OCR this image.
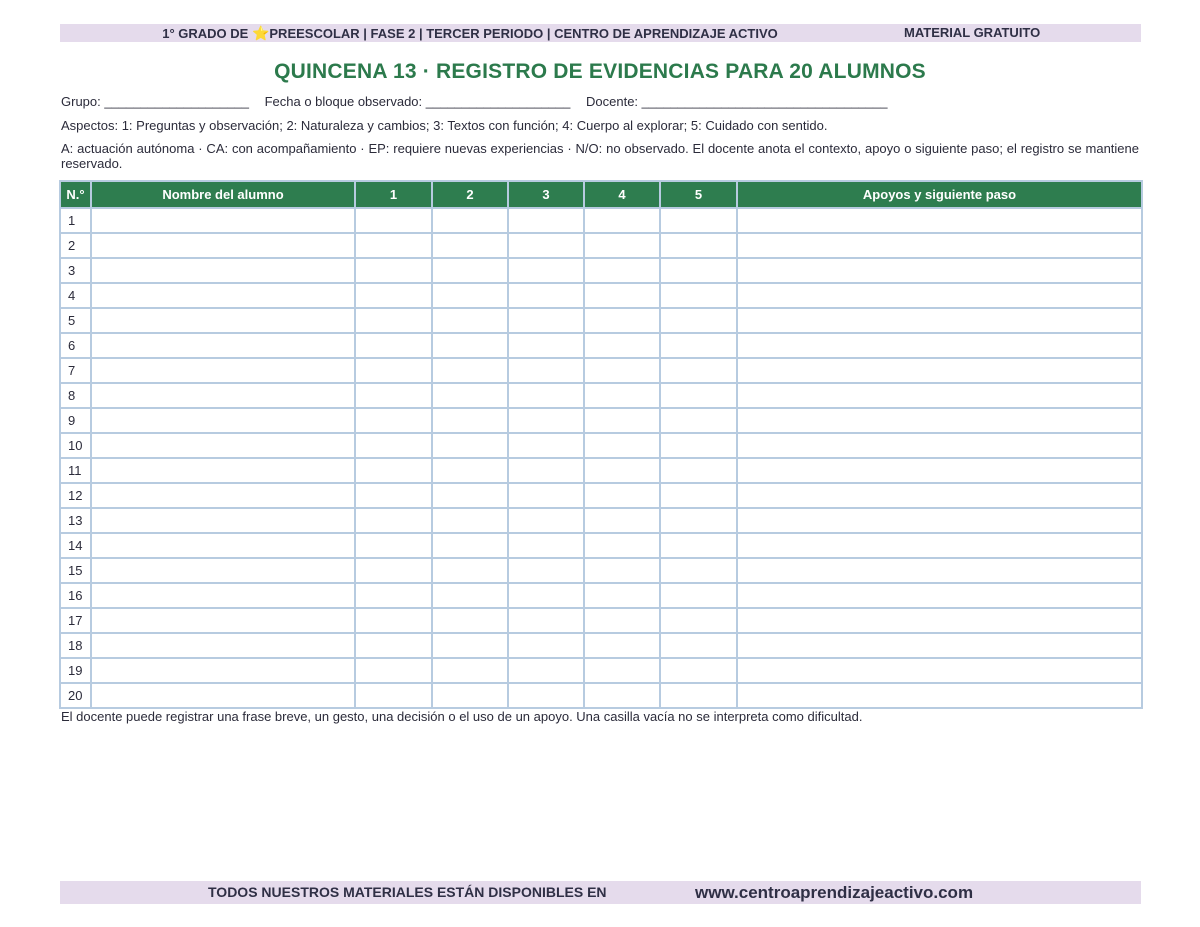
1° GRADO DE ⭐PREESCOLAR | FASE 2 | TERCER PERIODO | CENTRO DE APRENDIZAJE ACTIVO	MATERIAL GRATUITO
QUINCENA 13 · REGISTRO DE EVIDENCIAS PARA 20 ALUMNOS
Grupo: ____________________ Fecha o bloque observado: ____________________ Docente: __________________________________
Aspectos: 1: Preguntas y observación; 2: Naturaleza y cambios; 3: Textos con función; 4: Cuerpo al explorar; 5: Cuidado con sentido.
A: actuación autónoma · CA: con acompañamiento · EP: requiere nuevas experiencias · N/O: no observado. El docente anota el contexto, apoyo o siguiente paso; el registro se mantiene reservado.
N.°	Nombre del alumno	1	2	3	4	5	Apoyos y siguiente paso
1							
2							
3							
4							
5							
6							
7							
8							
9							
10							
11							
12							
13							
14							
15							
16							
17							
18							
19							
20							
El docente puede registrar una frase breve, un gesto, una decisión o el uso de un apoyo. Una casilla vacía no se interpreta como dificultad.
TODOS NUESTROS MATERIALES ESTÁN DISPONIBLES EN	www.centroaprendizajeactivo.com
